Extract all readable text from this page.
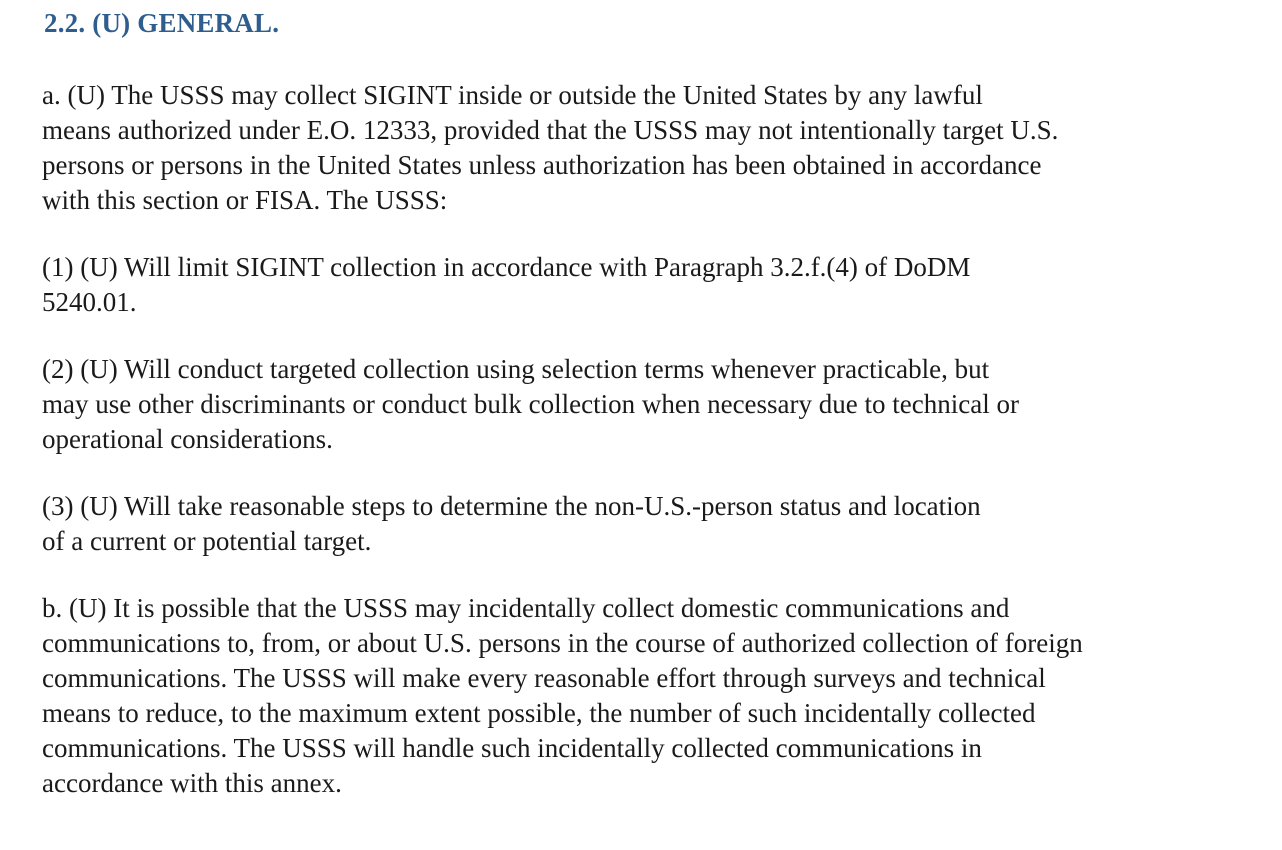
2.2. (U) GENERAL.
a. (U) The USSS may collect SIGINT inside or outside the United States by any lawful
means authorized under E.O. 12333, provided that the USSS may not intentionally target U.S.
persons or persons in the United States unless authorization has been obtained in accordance
with this section or FISA. The USSS:
(1) (U) Will limit SIGINT collection in accordance with Paragraph 3.2.f.(4) of DoDM
5240.01.
(2) (U) Will conduct targeted collection using selection terms whenever practicable, but
may use other discriminants or conduct bulk collection when necessary due to technical or
operational considerations.
(3) (U) Will take reasonable steps to determine the non-U.S.-person status and location
of a current or potential target.
b. (U) It is possible that the USSS may incidentally collect domestic communications and
communications to, from, or about U.S. persons in the course of authorized collection of foreign
communications. The USSS will make every reasonable effort through surveys and technical
means to reduce, to the maximum extent possible, the number of such incidentally collected
communications. The USSS will handle such incidentally collected communications in
accordance with this annex.
